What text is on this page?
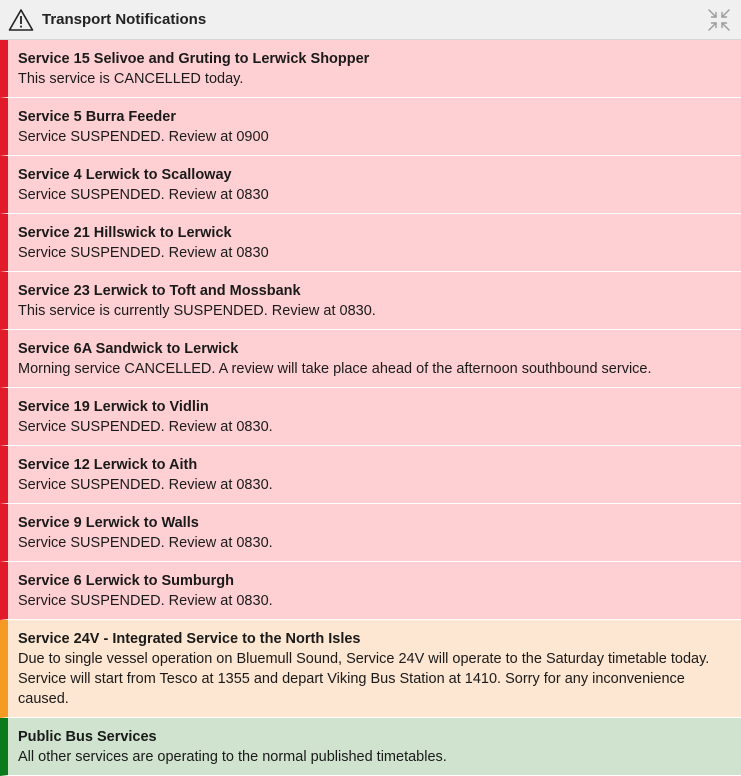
Transport Notifications
Service 15 Selivoe and Gruting to Lerwick Shopper
This service is CANCELLED today.
Service 5 Burra Feeder
Service SUSPENDED. Review at 0900
Service 4 Lerwick to Scalloway
Service SUSPENDED. Review at 0830
Service 21 Hillswick to Lerwick
Service SUSPENDED. Review at 0830
Service 23 Lerwick to Toft and Mossbank
This service is currently SUSPENDED. Review at 0830.
Service 6A Sandwick to Lerwick
Morning service CANCELLED. A review will take place ahead of the afternoon southbound service.
Service 19 Lerwick to Vidlin
Service SUSPENDED. Review at 0830.
Service 12 Lerwick to Aith
Service SUSPENDED. Review at 0830.
Service 9 Lerwick to Walls
Service SUSPENDED. Review at 0830.
Service 6 Lerwick to Sumburgh
Service SUSPENDED. Review at 0830.
Service 24V - Integrated Service to the North Isles
Due to single vessel operation on Bluemull Sound, Service 24V will operate to the Saturday timetable today. Service will start from Tesco at 1355 and depart Viking Bus Station at 1410. Sorry for any inconvenience caused.
Public Bus Services
All other services are operating to the normal published timetables.
